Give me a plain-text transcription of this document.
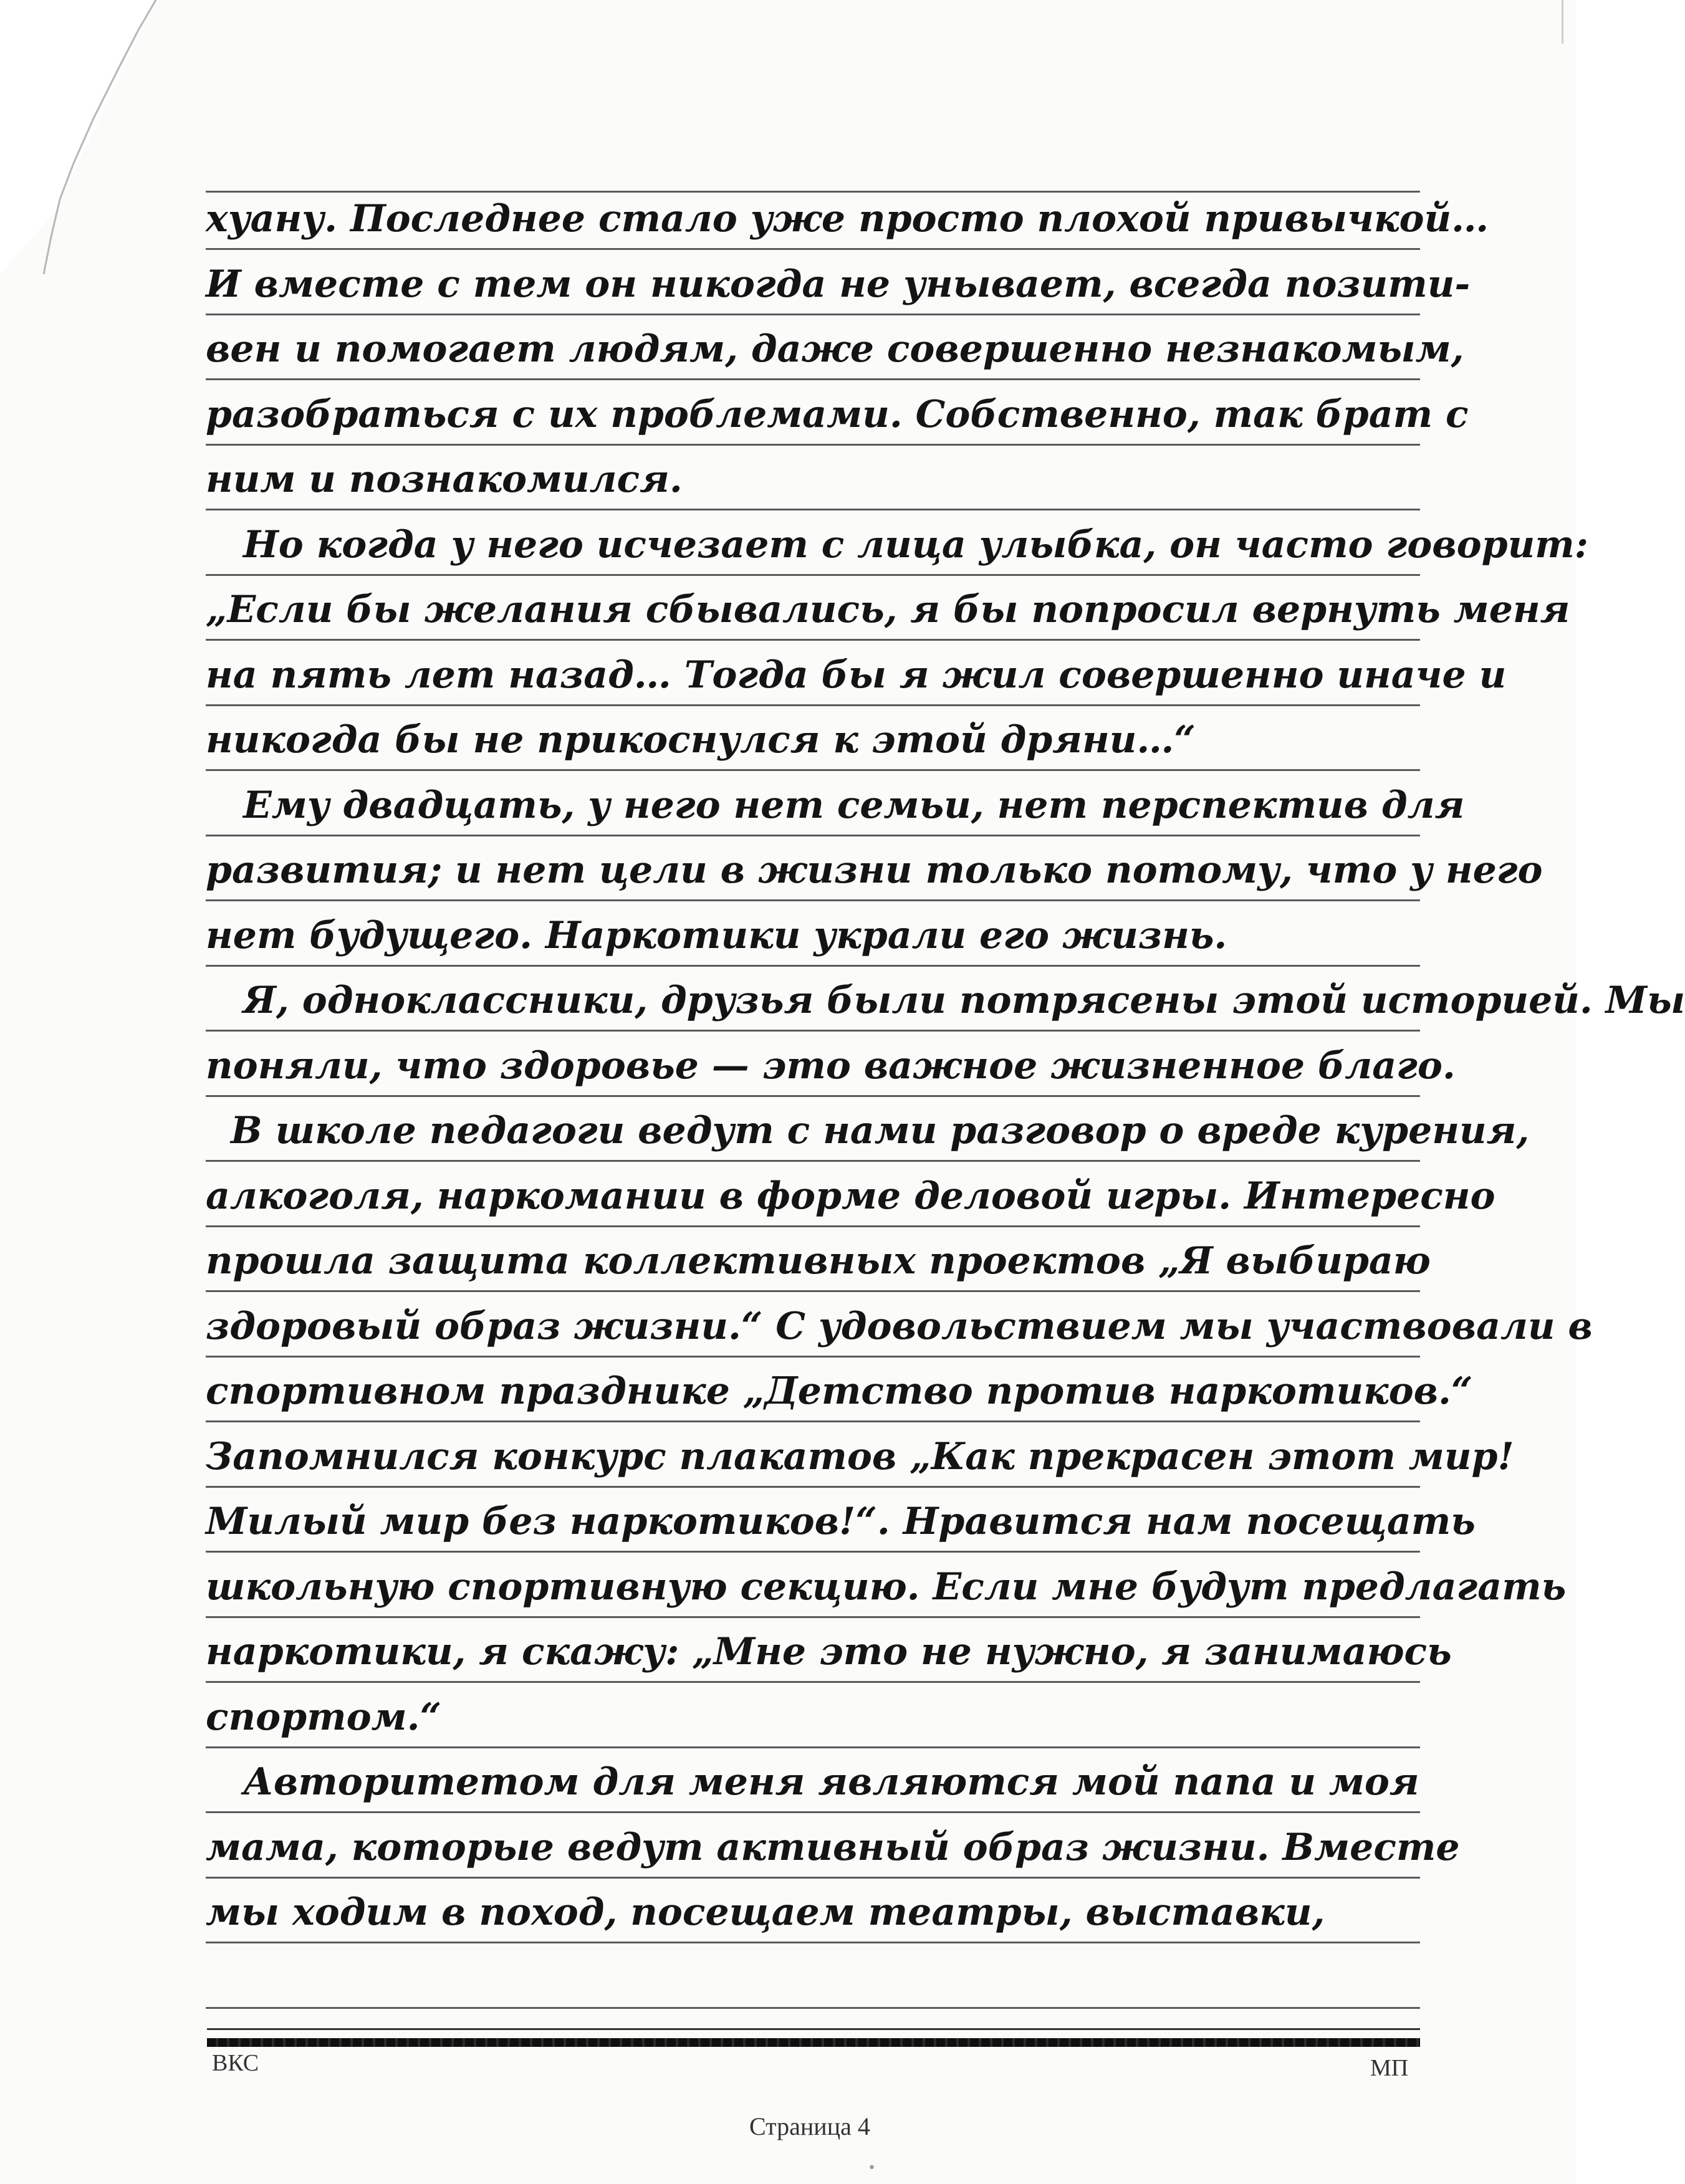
хуану. Последнее стало уже просто плохой привычкой…
И вместе с тем он никогда не унывает, всегда позити-
вен и помогает людям, даже совершенно незнакомым,
разобраться с их проблемами. Собственно, так брат с
ним и познакомился.
Но когда у него исчезает с лица улыбка, он часто говорит:
„Если бы желания сбывались, я бы попросил вернуть меня
на пять лет назад… Тогда бы я жил совершенно иначе и
никогда бы не прикоснулся к этой дряни…“
Ему двадцать, у него нет семьи, нет перспектив для
развития; и нет цели в жизни только потому, что у него
нет будущего. Наркотики украли его жизнь.
Я, одноклассники, друзья были потрясены этой историей. Мы
поняли, что здоровье — это важное жизненное благо.
В школе педагоги ведут с нами разговор о вреде курения,
алкоголя, наркомании в форме деловой игры. Интересно
прошла защита коллективных проектов „Я выбираю
здоровый образ жизни.“ С удовольствием мы участвовали в
спортивном празднике „Детство против наркотиков.“
Запомнился конкурс плакатов „Как прекрасен этот мир!
Милый мир без наркотиков!“. Нравится нам посещать
школьную спортивную секцию. Если мне будут предлагать
наркотики, я скажу: „Мне это не нужно, я занимаюсь
спортом.“
Авторитетом для меня являются мой папа и моя
мама, которые ведут активный образ жизни. Вместе
мы ходим в поход, посещаем театры, выставки,
ВКС	МП
Страница 4
•
